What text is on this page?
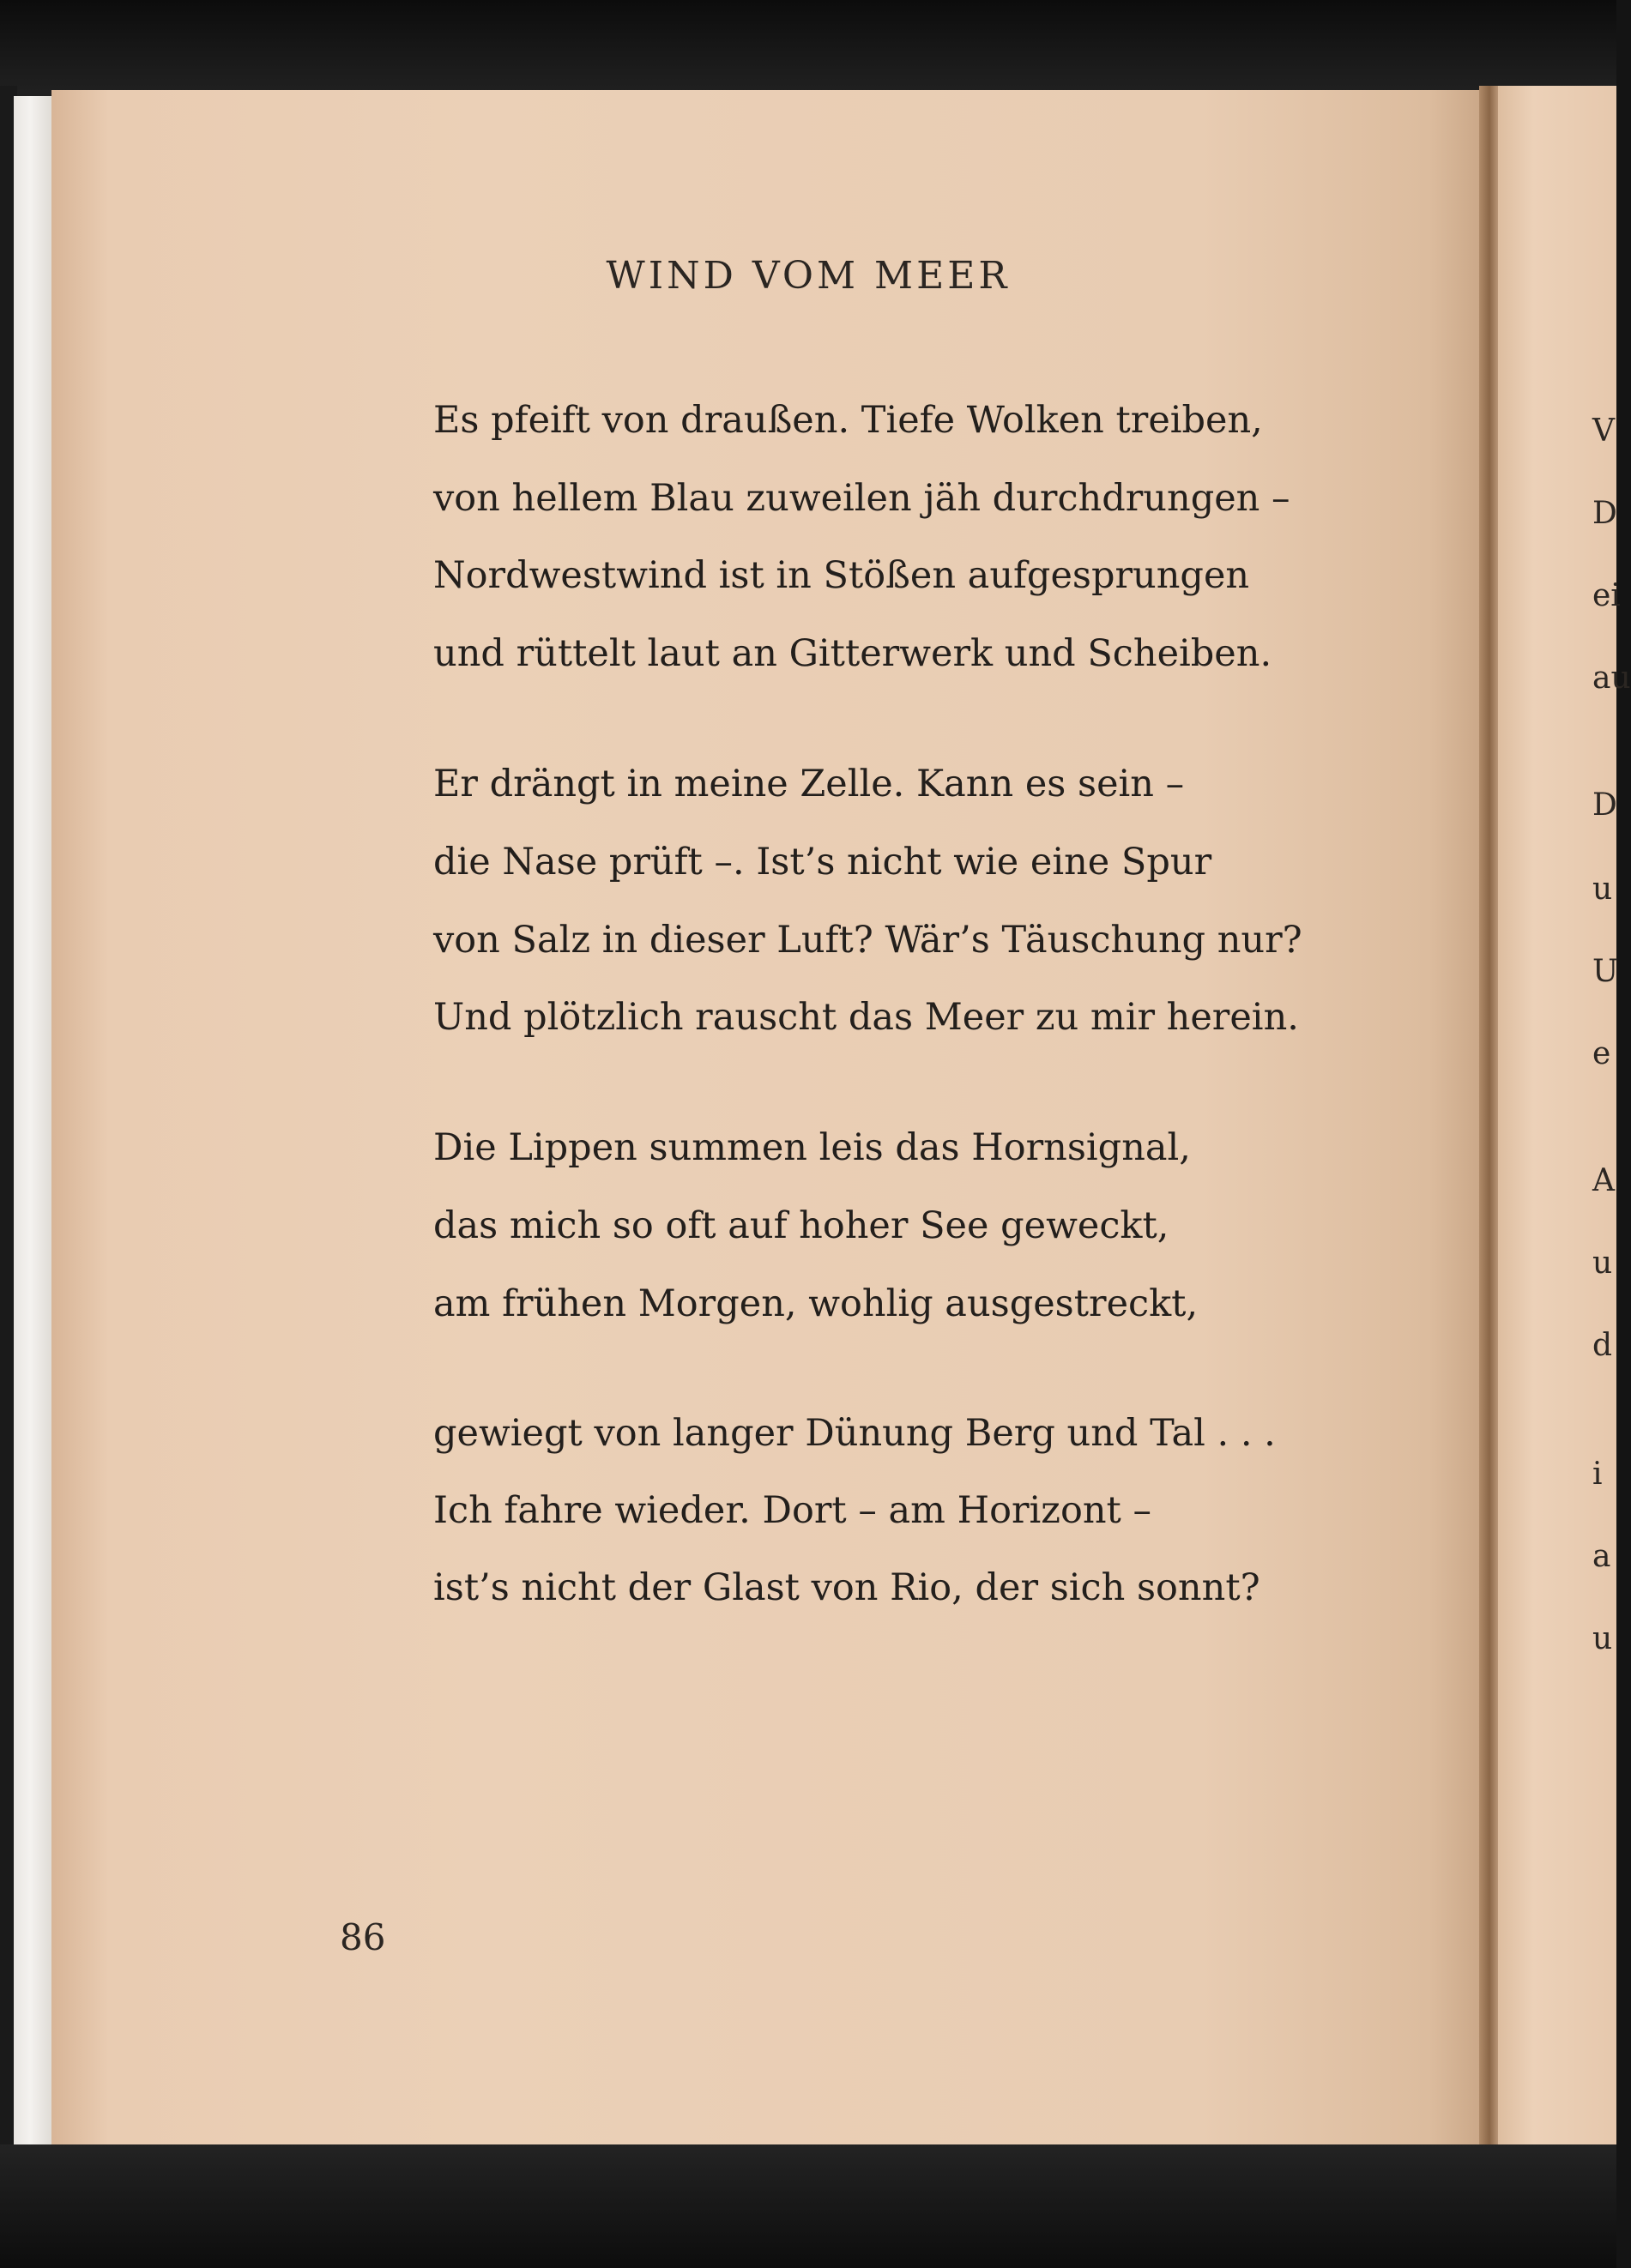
WIND VOM MEER
Es pfeift von draußen. Tiefe Wolken treiben,
von hellem Blau zuweilen jäh durchdrungen –
Nordwestwind ist in Stößen aufgesprungen
und rüttelt laut an Gitterwerk und Scheiben.
Er drängt in meine Zelle. Kann es sein –
die Nase prüft –. Ist’s nicht wie eine Spur
von Salz in dieser Luft? Wär’s Täuschung nur?
Und plötzlich rauscht das Meer zu mir herein.
Die Lippen summen leis das Hornsignal,
das mich so oft auf hoher See geweckt,
am frühen Morgen, wohlig ausgestreckt,
gewiegt von langer Dünung Berg und Tal . . .
Ich fahre wieder. Dort – am Horizont –
ist’s nicht der Glast von Rio, der sich sonnt?
86
V
D
ei
au
D
u
U
e
A
u
d
i
a
u
